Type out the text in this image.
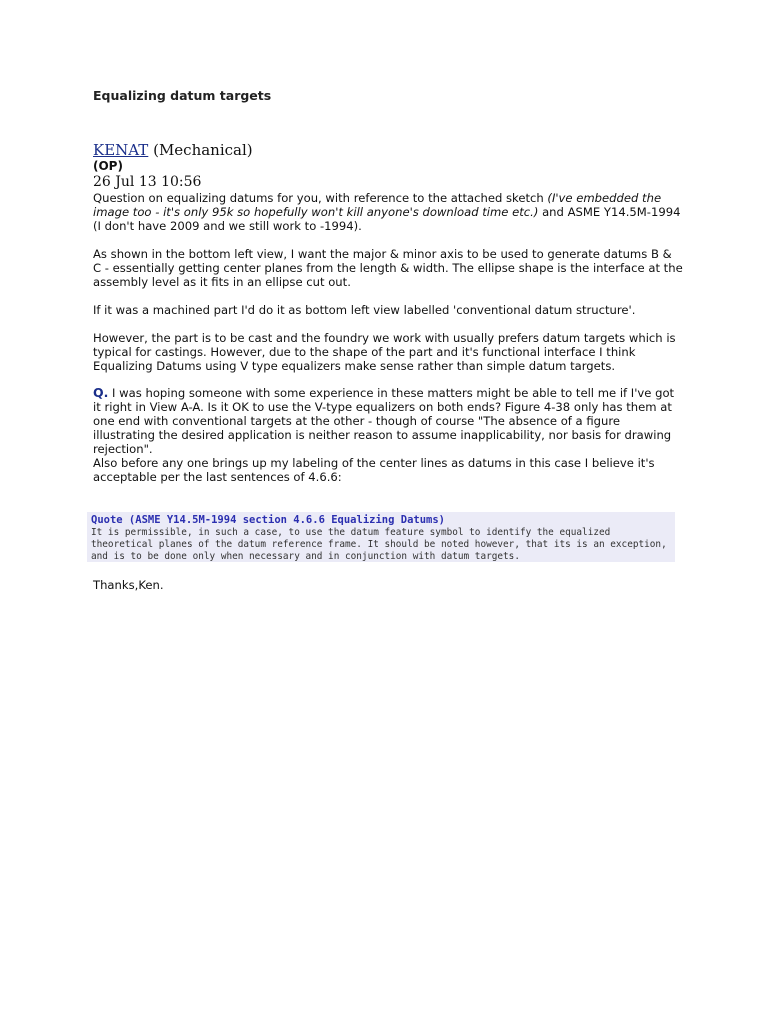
Equalizing datum targets
KENAT (Mechanical)
(OP)
26 Jul 13 10:56
Question on equalizing datums for you, with reference to the attached sketch (I've embedded the image too - it's only 95k so hopefully won't kill anyone's download time etc.) and ASME Y14.5M-1994 (I don't have 2009 and we still work to -1994).
As shown in the bottom left view, I want the major & minor axis to be used to generate datums B & C - essentially getting center planes from the length & width. The ellipse shape is the interface at the assembly level as it fits in an ellipse cut out.
If it was a machined part I'd do it as bottom left view labelled 'conventional datum structure'.
However, the part is to be cast and the foundry we work with usually prefers datum targets which is typical for castings. However, due to the shape of the part and it's functional interface I think Equalizing Datums using V type equalizers make sense rather than simple datum targets.
Q. I was hoping someone with some experience in these matters might be able to tell me if I've got it right in View A-A. Is it OK to use the V-type equalizers on both ends? Figure 4-38 only has them at one end with conventional targets at the other - though of course "The absence of a figure illustrating the desired application is neither reason to assume inapplicability, nor basis for drawing rejection".
Also before any one brings up my labeling of the center lines as datums in this case I believe it's acceptable per the last sentences of 4.6.6:
Quote (ASME Y14.5M-1994 section 4.6.6 Equalizing Datums)
It is permissible, in such a case, to use the datum feature symbol to identify the equalized theoretical planes of the datum reference frame. It should be noted however, that its is an exception, and is to be done only when necessary and in conjunction with datum targets.
Thanks,Ken.
